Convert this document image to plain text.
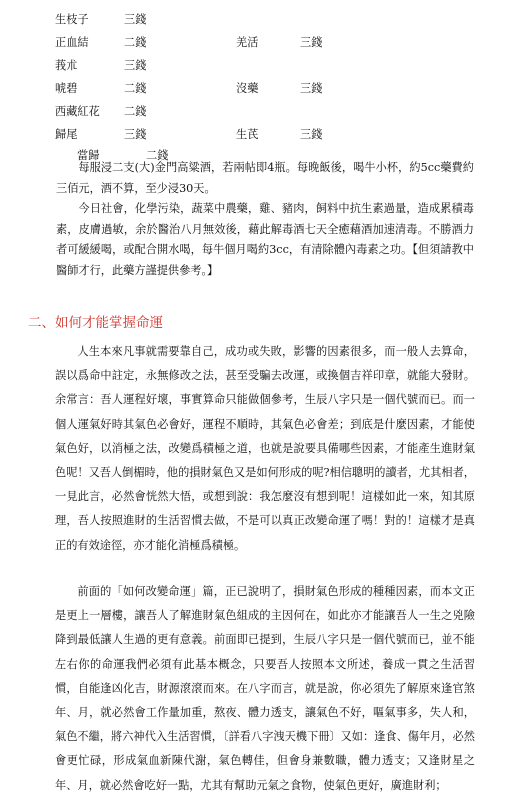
生枝子	三錢
正血結	二錢	羌活	三錢
莪朮	三錢
唬碧	二錢	沒藥	三錢
西藏紅花 二錢
歸尾	三錢	生芪	三錢
當歸	二錢

每服浸二支(大)金門高粱酒，若兩帖即4瓶。每晚飯後，喝牛小杯，約5cc藥費約三佰元，酒不算，至少浸30天。

今日社會，化學污染，蔬菜中農藥，雞、豬肉，飼料中抗生素過量，造成累積毒素，皮膚過敏，余於醫治八月無效後，藉此解毒酒七天全癒藉酒加速清毒。不勝酒力者可緩緩喝，或配合開水喝，每牛個月喝約3cc，有清除體內毒素之功。【但須請教中醫師才行，此藥方謹提供參考。】

二、如何才能掌握命運

人生本來凡事就需要靠自己，成功或失敗，影響的因素很多，而一般人去算命，誤以爲命中註定，永無修改之法，甚至受騙去改運，或換個吉祥印章，就能大發財。余常言：吾人運程好壞，事實算命只能做個參考，生辰八字只是一個代號而已。而一個人運氣好時其氣色必會好，運程不順時，其氣色必會差；到底是什麼因素，才能使氣色好，以消極之法，改變爲積極之道，也就是說要具備哪些因素，才能產生進財氣色呢！又吾人倒楣時，他的損財氣色又是如何形成的呢?相信聰明的讀者，尤其相者，一見此言，必然會恍然大悟，或想到說：我怎麼沒有想到呢！這樣如此一來，知其原理，吾人按照進財的生活習慣去做，不是可以真正改變命運了嗎！對的！這樣才是真正的有效途徑，亦才能化消極爲積極。

前面的「如何改變命運」篇，正已說明了，損財氣色形成的種種因素，而本文正是更上一層樓，讓吾人了解進財氣色組成的主因何在，如此亦才能讓吾人一生之兇險降到最低讓人生過的更有意義。前面即已提到，生辰八字只是一個代號而已，並不能左右你的命運我們必須有此基本概念，只要吾人按照本文所述，養成一貫之生活習慣，自能逢凶化吉，財源滾滾而來。在八字而言，就是說，你必須先了解原來逢官煞年、月，就必然會工作量加重，熬夜、體力透支，讓氣色不好，嘔氣事多，失人和，氣色不繼，將六神代入生活習慣，〔詳看八字洩天機下冊〕又如：逢食、傷年月，必然會更忙碌，形成氣血新陳代謝，氣色轉佳，但會身兼數職，體力透支；又逢財星之年、月，就必然會吃好一點，尤其有幫助元氣之食物，使氣色更好，廣進財利；
